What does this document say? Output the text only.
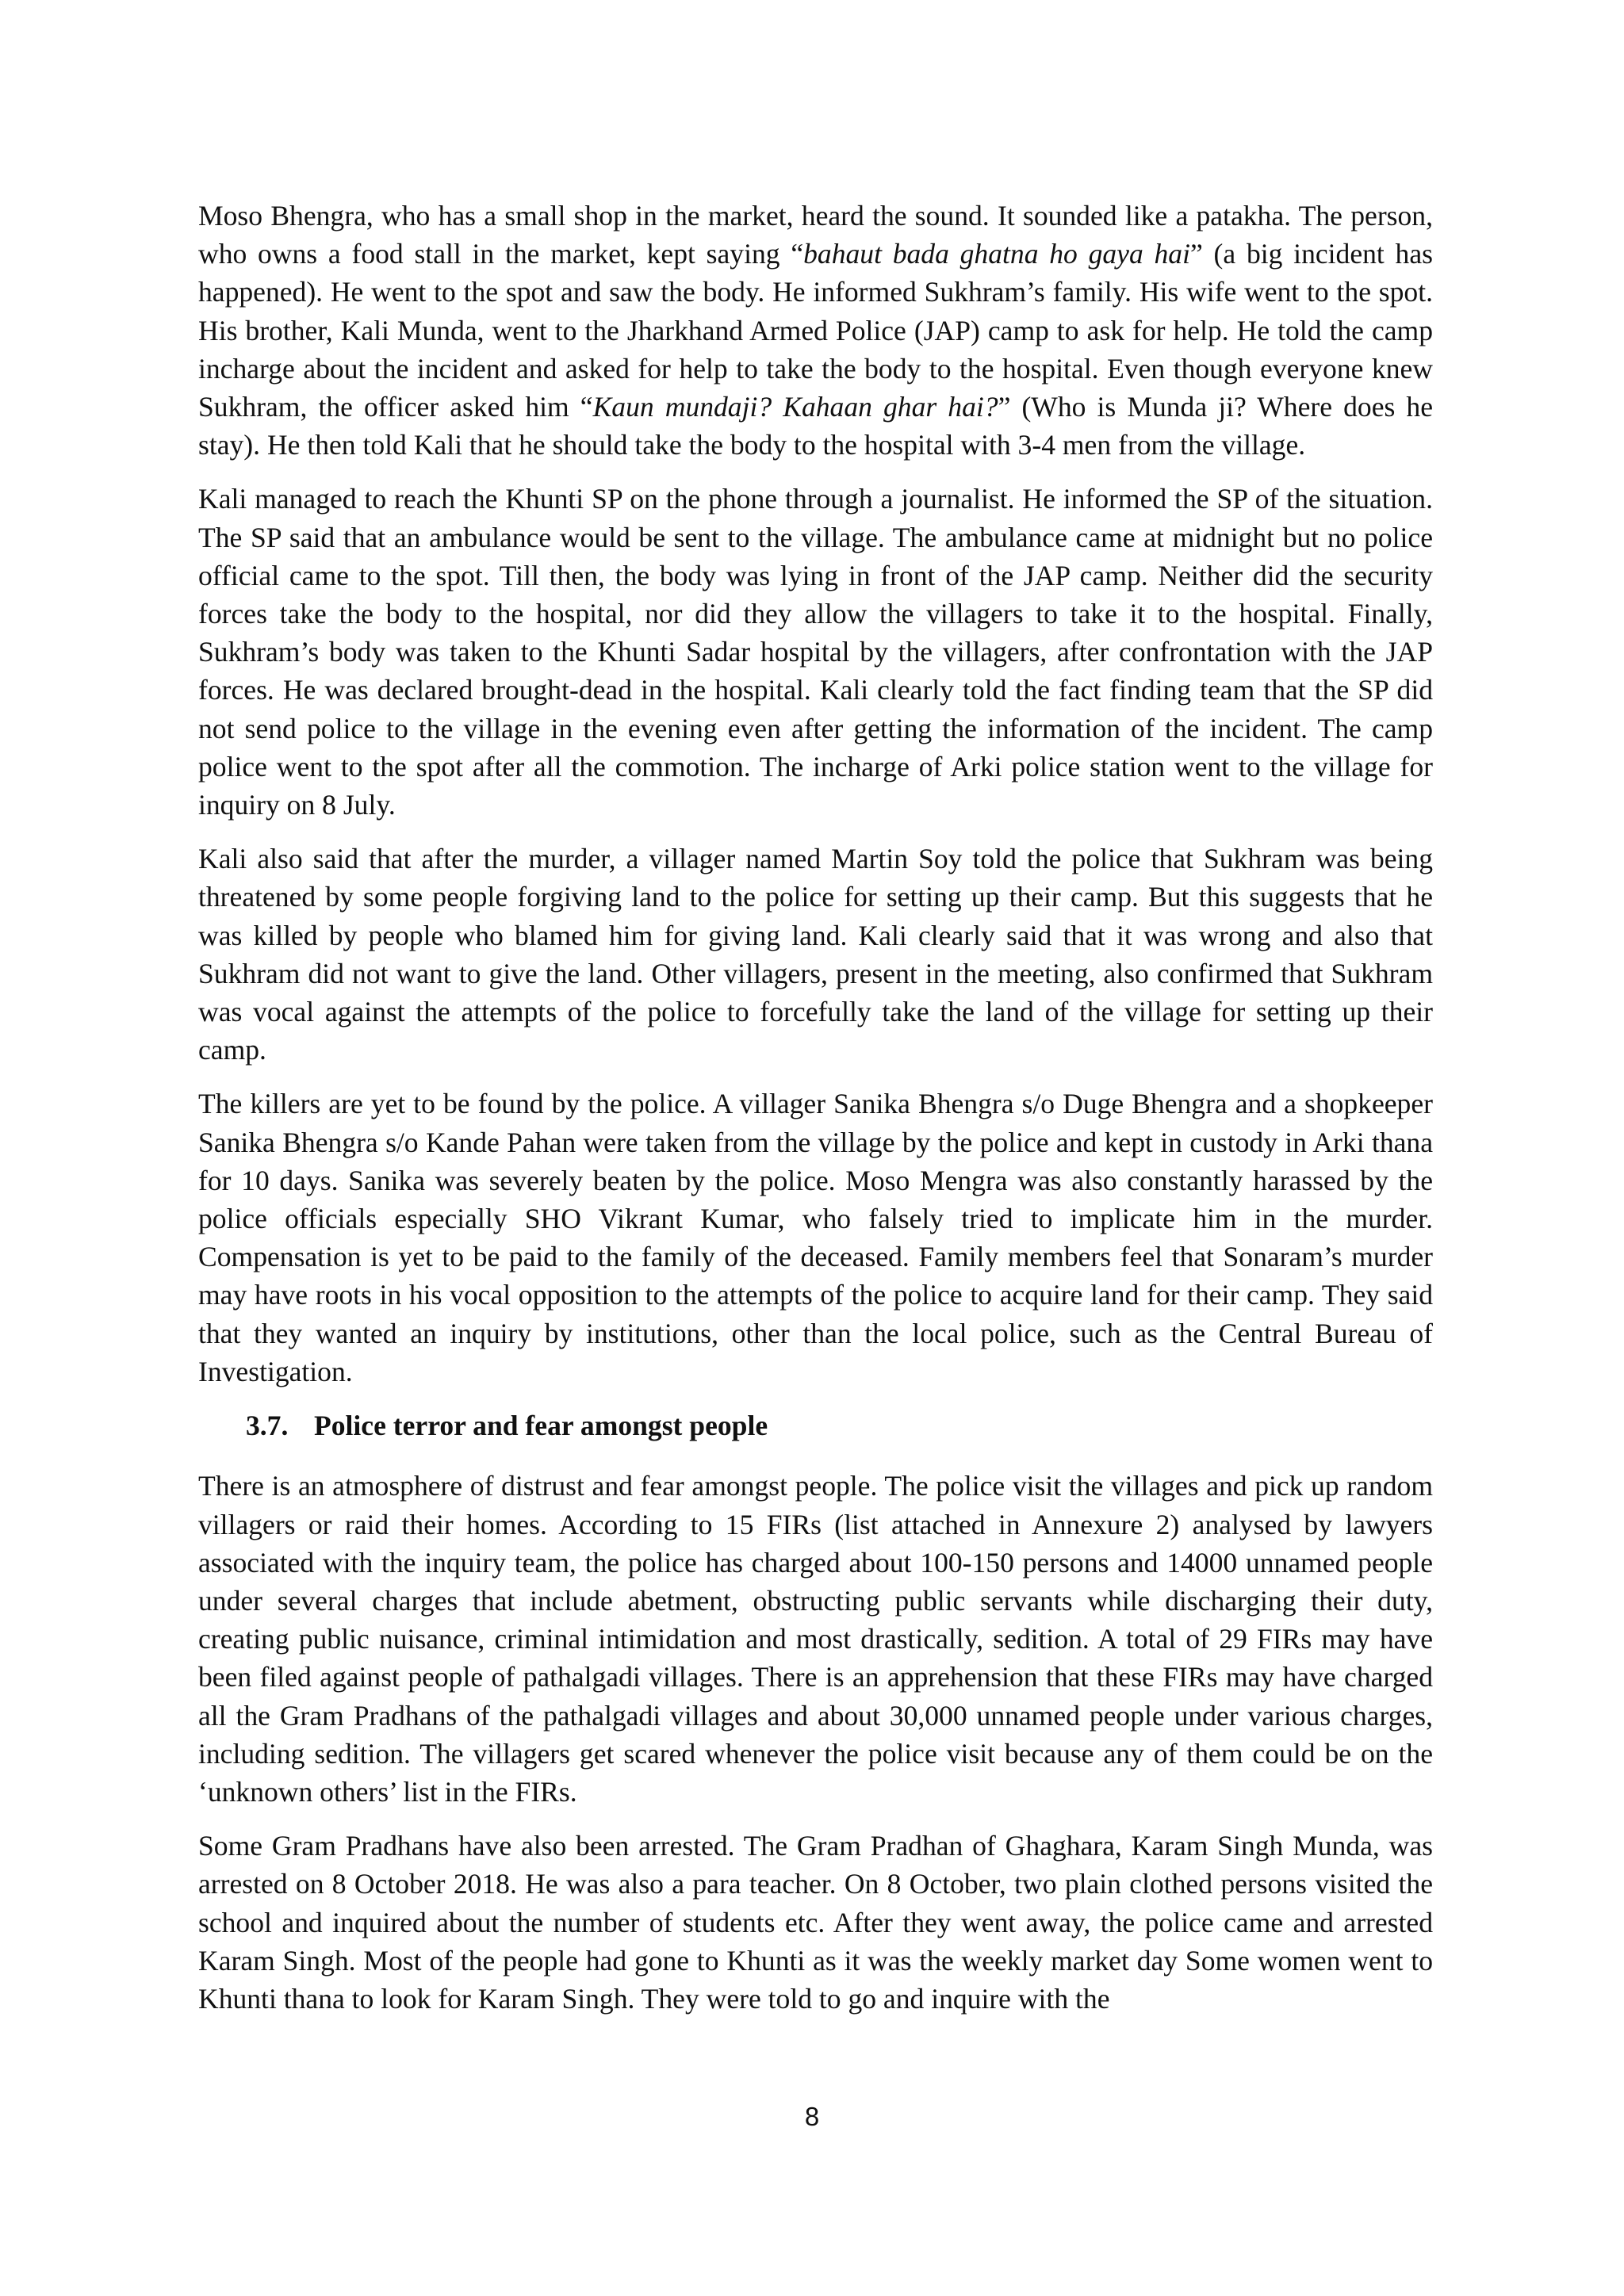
Moso Bhengra, who has a small shop in the market, heard the sound. It sounded like a patakha. The person, who owns a food stall in the market, kept saying “bahaut bada ghatna ho gaya hai” (a big incident has happened). He went to the spot and saw the body. He informed Sukhram’s family. His wife went to the spot. His brother, Kali Munda, went to the Jharkhand Armed Police (JAP) camp to ask for help. He told the camp incharge about the incident and asked for help to take the body to the hospital. Even though everyone knew Sukhram, the officer asked him “Kaun mundaji? Kahaan ghar hai?” (Who is Munda ji? Where does he stay). He then told Kali that he should take the body to the hospital with 3-4 men from the village.

Kali managed to reach the Khunti SP on the phone through a journalist. He informed the SP of the situation. The SP said that an ambulance would be sent to the village. The ambulance came at midnight but no police official came to the spot. Till then, the body was lying in front of the JAP camp. Neither did the security forces take the body to the hospital, nor did they allow the villagers to take it to the hospital. Finally, Sukhram’s body was taken to the Khunti Sadar hospital by the villagers, after confrontation with the JAP forces. He was declared brought-dead in the hospital. Kali clearly told the fact finding team that the SP did not send police to the village in the evening even after getting the information of the incident. The camp police went to the spot after all the commotion. The incharge of Arki police station went to the village for inquiry on 8 July.

Kali also said that after the murder, a villager named Martin Soy told the police that Sukhram was being threatened by some people forgiving land to the police for setting up their camp. But this suggests that he was killed by people who blamed him for giving land. Kali clearly said that it was wrong and also that Sukhram did not want to give the land. Other villagers, present in the meeting, also confirmed that Sukhram was vocal against the attempts of the police to forcefully take the land of the village for setting up their camp.

The killers are yet to be found by the police. A villager Sanika Bhengra s/o Duge Bhengra and a shopkeeper Sanika Bhengra s/o Kande Pahan were taken from the village by the police and kept in custody in Arki thana for 10 days. Sanika was severely beaten by the police. Moso Mengra was also constantly harassed by the police officials especially SHO Vikrant Kumar, who falsely tried to implicate him in the murder. Compensation is yet to be paid to the family of the deceased. Family members feel that Sonaram’s murder may have roots in his vocal opposition to the attempts of the police to acquire land for their camp. They said that they wanted an inquiry by institutions, other than the local police, such as the Central Bureau of Investigation.

3.7. Police terror and fear amongst people

There is an atmosphere of distrust and fear amongst people. The police visit the villages and pick up random villagers or raid their homes. According to 15 FIRs (list attached in Annexure 2) analysed by lawyers associated with the inquiry team, the police has charged about 100-150 persons and 14000 unnamed people under several charges that include abetment, obstructing public servants while discharging their duty, creating public nuisance, criminal intimidation and most drastically, sedition. A total of 29 FIRs may have been filed against people of pathalgadi villages. There is an apprehension that these FIRs may have charged all the Gram Pradhans of the pathalgadi villages and about 30,000 unnamed people under various charges, including sedition. The villagers get scared whenever the police visit because any of them could be on the ‘unknown others’ list in the FIRs.

Some Gram Pradhans have also been arrested. The Gram Pradhan of Ghaghara, Karam Singh Munda, was arrested on 8 October 2018. He was also a para teacher. On 8 October, two plain clothed persons visited the school and inquired about the number of students etc. After they went away, the police came and arrested Karam Singh. Most of the people had gone to Khunti as it was the weekly market day Some women went to Khunti thana to look for Karam Singh. They were told to go and inquire with the

8
